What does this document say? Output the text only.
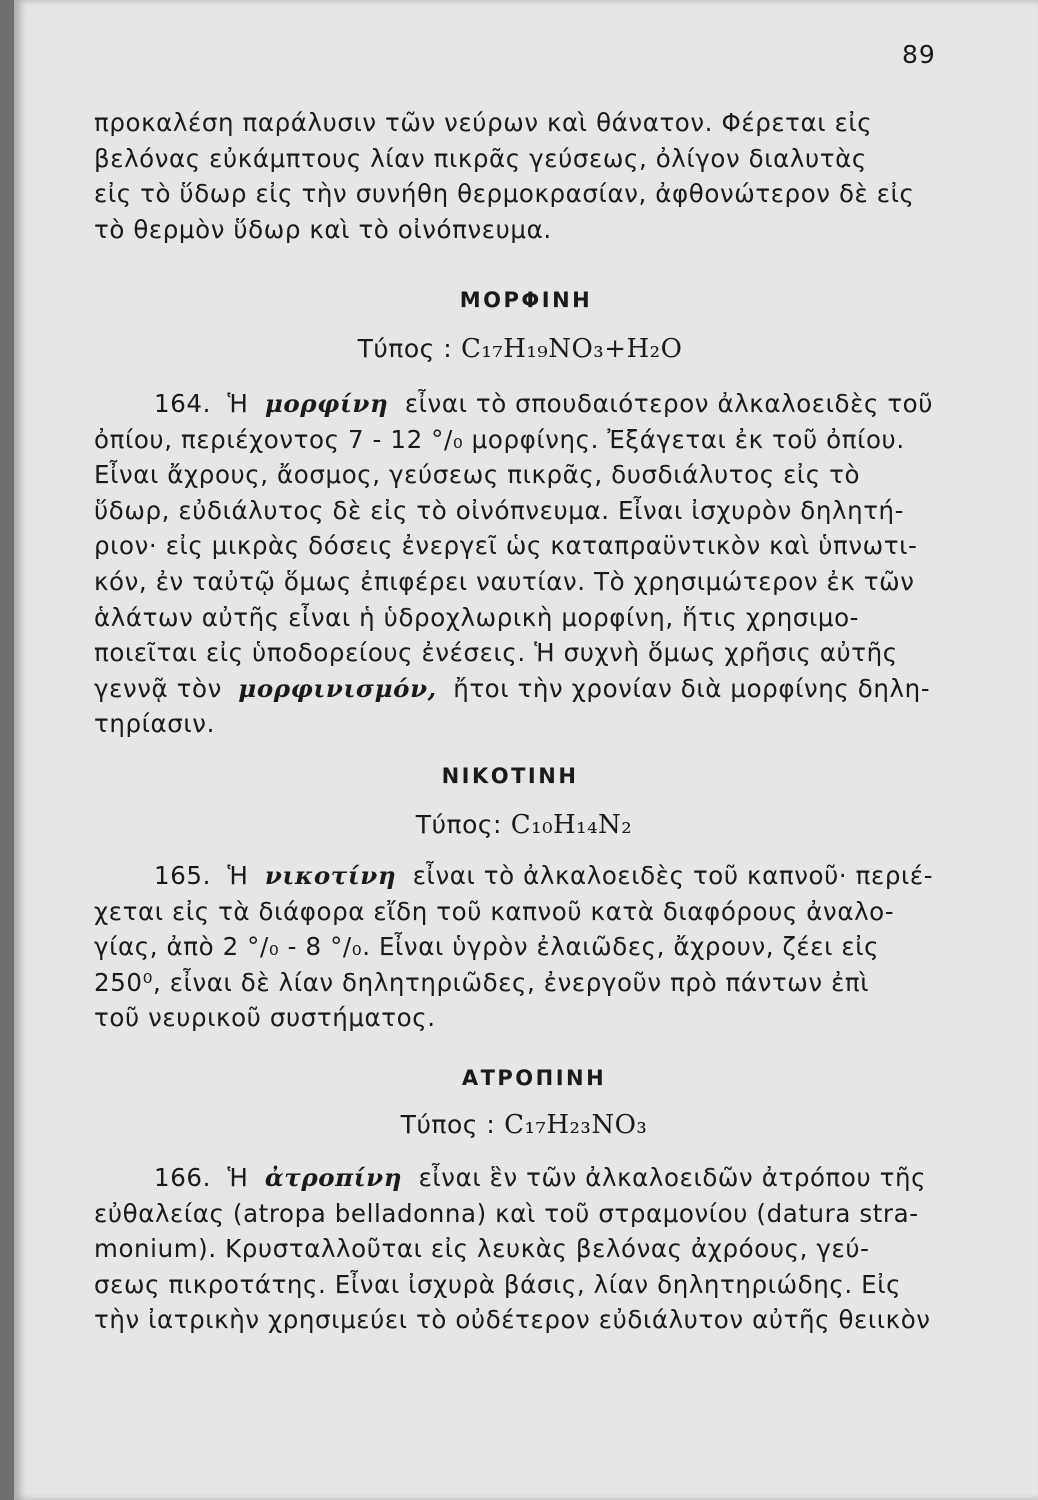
89
προκαλέση παράλυσιν τῶν νεύρων καὶ θάνατον. Φέρεται εἰς
βελόνας εὐκάμπτους λίαν πικρᾶς γεύσεως, ὀλίγον διαλυτὰς
εἰς τὸ ὕδωρ εἰς τὴν συνήθη θερμοκρασίαν, ἀφθονώτερον δὲ εἰς
τὸ θερμὸν ὕδωρ καὶ τὸ οἰνόπνευμα.
ΜΟΡΦΙΝΗ
Τύπος : C₁₇H₁₉NO₃+H₂O
164. Ἡ μορφίνη εἶναι τὸ σπουδαιότερον ἀλκαλοειδὲς τοῦ
ὀπίου, περιέχοντος 7 - 12 °/₀ μορφίνης. Ἐξάγεται ἐκ τοῦ ὀπίου.
Εἶναι ἄχρους, ἄοσμος, γεύσεως πικρᾶς, δυσδιάλυτος εἰς τὸ
ὕδωρ, εὐδιάλυτος δὲ εἰς τὸ οἰνόπνευμα. Εἶναι ἰσχυρὸν δηλητή-
ριον· εἰς μικρὰς δόσεις ἐνεργεῖ ὡς καταπραϋντικὸν καὶ ὑπνωτι-
κόν, ἐν ταὐτῷ ὅμως ἐπιφέρει ναυτίαν. Τὸ χρησιμώτερον ἐκ τῶν
ἁλάτων αὐτῆς εἶναι ἡ ὑδροχλωρικὴ μορφίνη, ἥτις χρησιμο-
ποιεῖται εἰς ὑποδορείους ἐνέσεις. Ἡ συχνὴ ὅμως χρῆσις αὐτῆς
γεννᾷ τὸν μορφινισμόν, ἤτοι τὴν χρονίαν διὰ μορφίνης δηλη-
τηρίασιν.
ΝΙΚΟΤΙΝΗ
Τύπος: C₁₀H₁₄N₂
165. Ἡ νικοτίνη εἶναι τὸ ἀλκαλοειδὲς τοῦ καπνοῦ· περιέ-
χεται εἰς τὰ διάφορα εἴδη τοῦ καπνοῦ κατὰ διαφόρους ἀναλο-
γίας, ἀπὸ 2 °/₀ - 8 °/₀. Εἶναι ὑγρὸν ἐλαιῶδες, ἄχρουν, ζέει εἰς
250⁰, εἶναι δὲ λίαν δηλητηριῶδες, ἐνεργοῦν πρὸ πάντων ἐπὶ
τοῦ νευρικοῦ συστήματος.
ΑΤΡΟΠΙΝΗ
Τύπος : C₁₇H₂₃NO₃
166. Ἡ ἀτροπίνη εἶναι ἓν τῶν ἀλκαλοειδῶν ἀτρόπου τῆς
εὐθαλείας (atropa belladonna) καὶ τοῦ στραμονίου (datura stra-
monium). Κρυσταλλοῦται εἰς λευκὰς βελόνας ἀχρόους, γεύ-
σεως πικροτάτης. Εἶναι ἰσχυρὰ βάσις, λίαν δηλητηριώδης. Εἰς
τὴν ἰατρικὴν χρησιμεύει τὸ οὐδέτερον εὐδιάλυτον αὐτῆς θειικὸν
